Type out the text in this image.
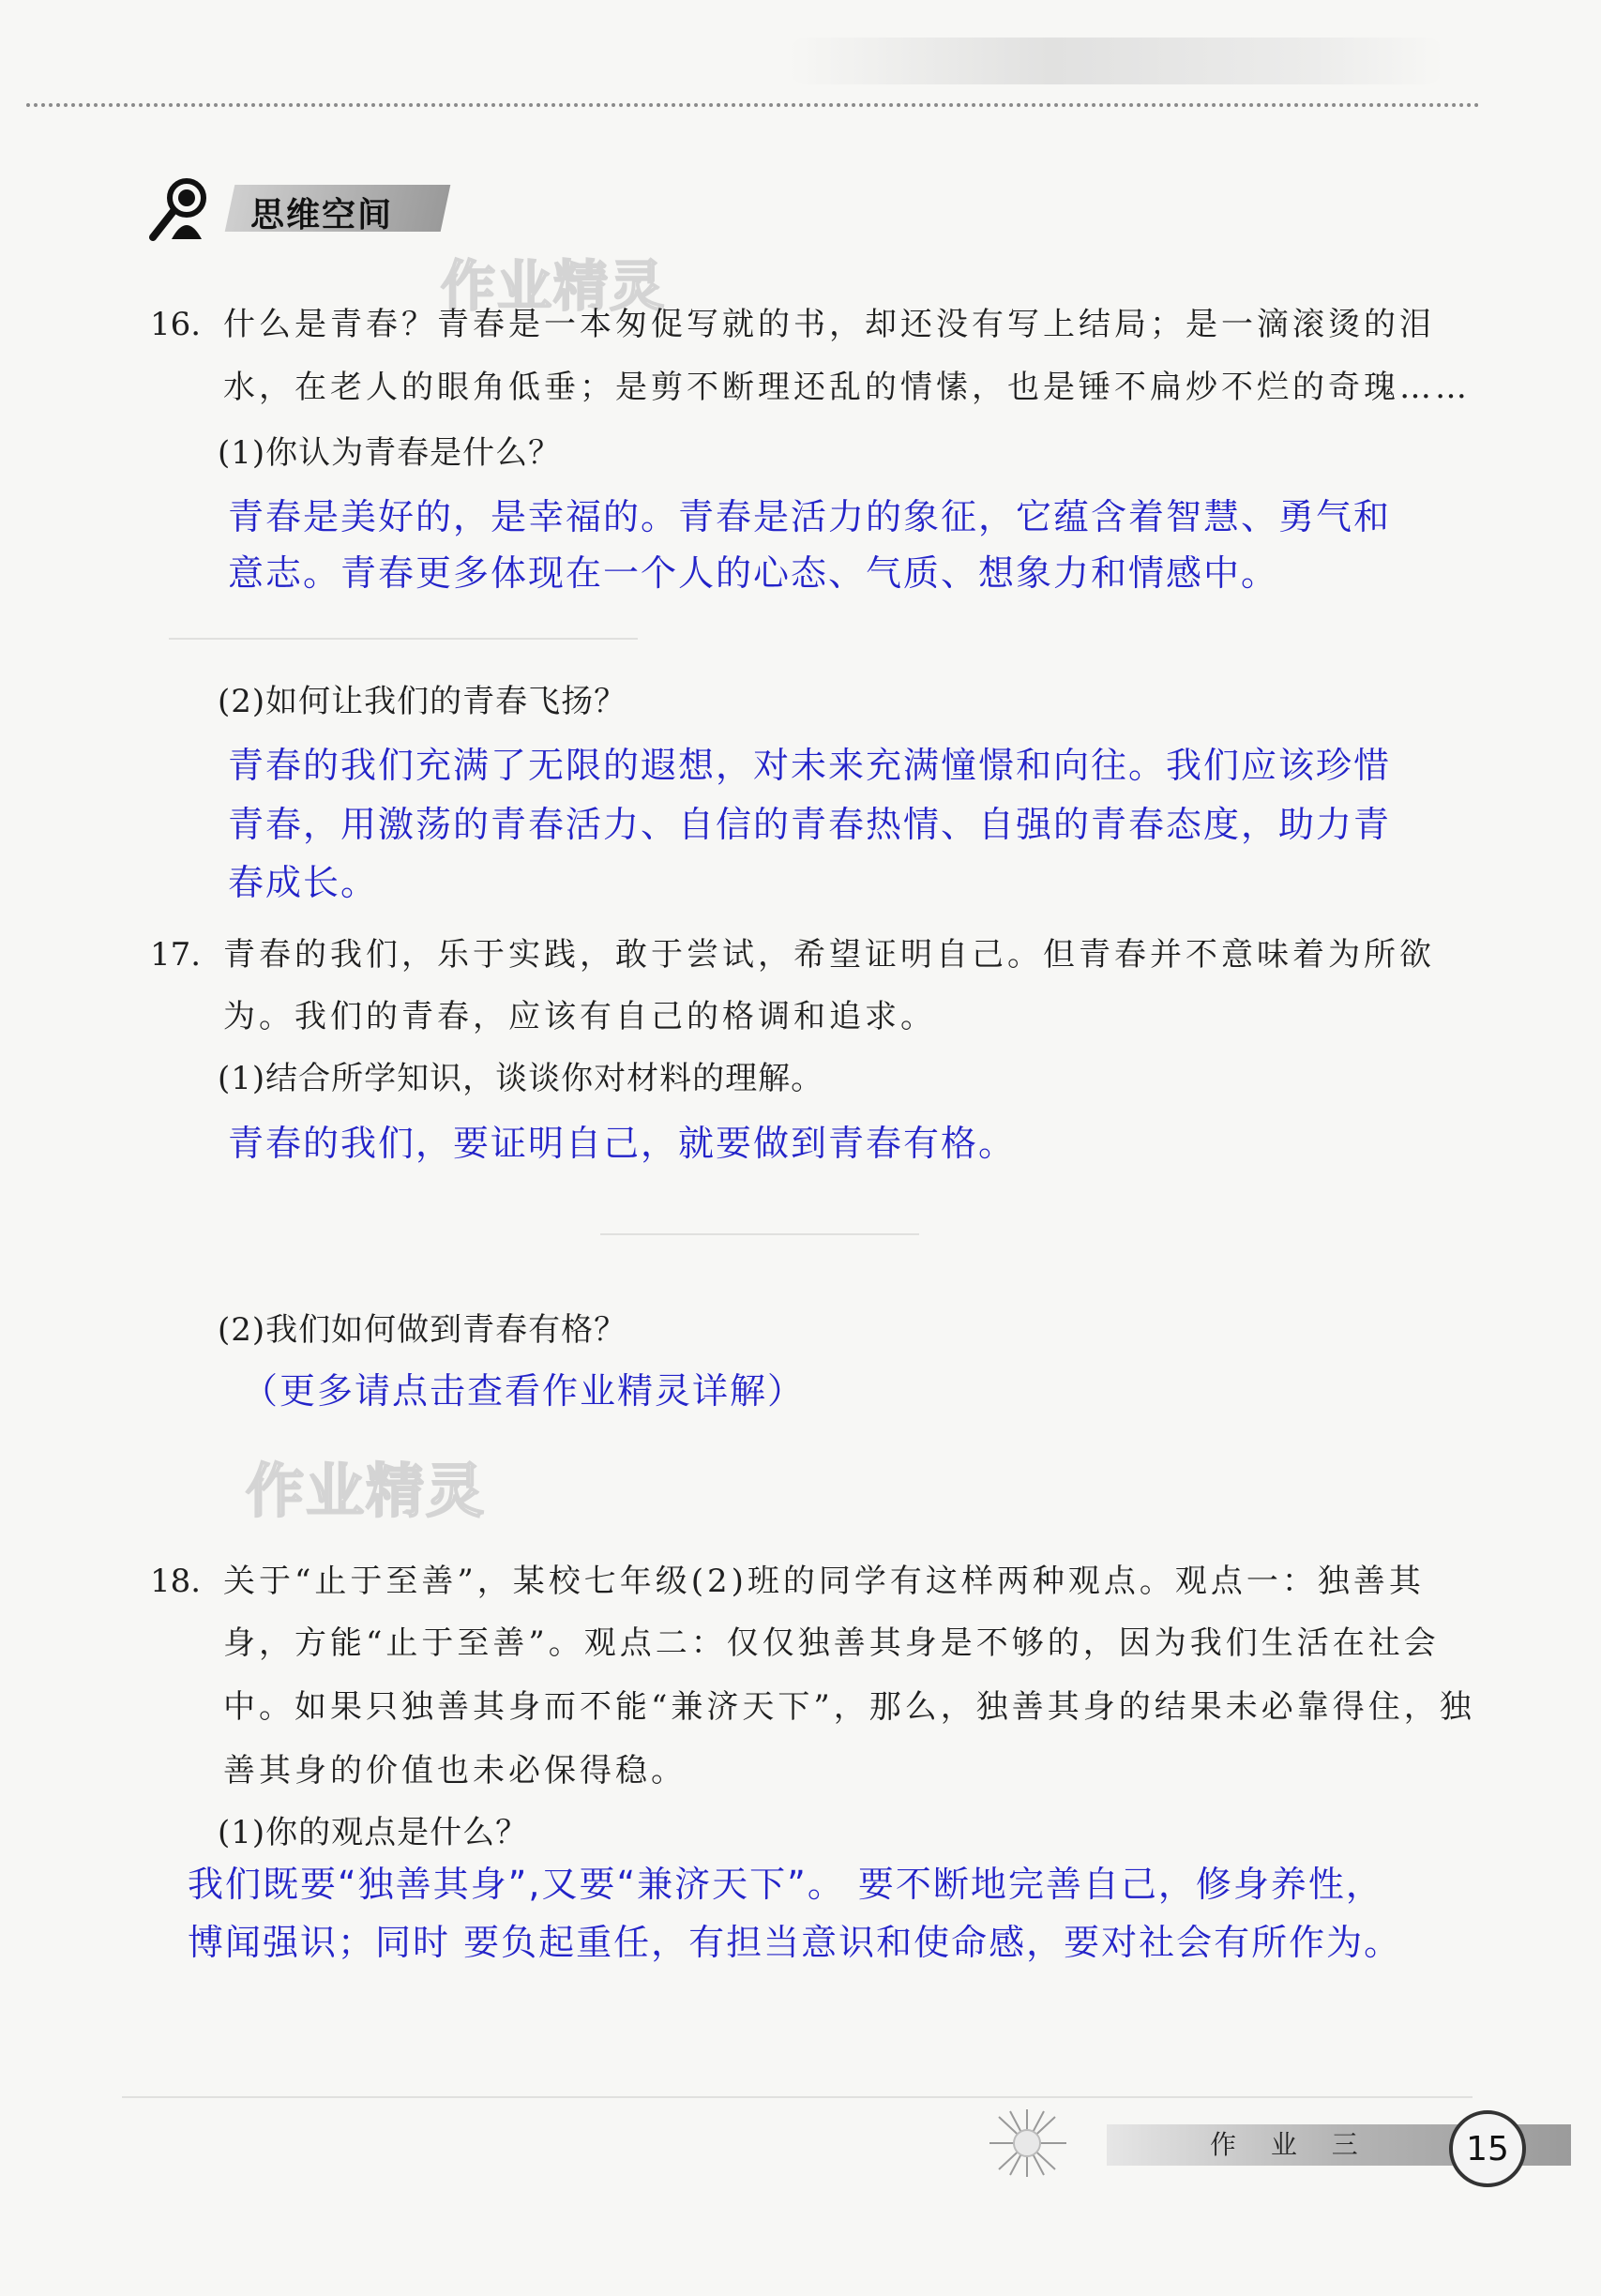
思维空间
作业精灵
作业精灵
16. 什么是青春？青春是一本匆促写就的书，却还没有写上结局；是一滴滚烫的泪
水，在老人的眼角低垂；是剪不断理还乱的情愫，也是锤不扁炒不烂的奇瑰……
(1)你认为青春是什么？
青春是美好的，是幸福的。青春是活力的象征，它蕴含着智慧、勇气和
意志。青春更多体现在一个人的心态、气质、想象力和情感中。
(2)如何让我们的青春飞扬？
青春的我们充满了无限的遐想，对未来充满憧憬和向往。我们应该珍惜
青春，用激荡的青春活力、自信的青春热情、自强的青春态度，助力青
春成长。
17. 青春的我们，乐于实践，敢于尝试，希望证明自己。但青春并不意味着为所欲
为。我们的青春，应该有自己的格调和追求。
(1)结合所学知识，谈谈你对材料的理解。
青春的我们，要证明自己，就要做到青春有格。
(2)我们如何做到青春有格？
（更多请点击查看作业精灵详解）
18. 关于“止于至善”，某校七年级(2)班的同学有这样两种观点。观点一：独善其
身，方能“止于至善”。观点二：仅仅独善其身是不够的，因为我们生活在社会
中。如果只独善其身而不能“兼济天下”，那么，独善其身的结果未必靠得住，独
善其身的价值也未必保得稳。
(1)你的观点是什么？
我们既要“独善其身”,又要“兼济天下”。 要不断地完善自己，修身养性，
博闻强识；同时 要负起重任，有担当意识和使命感，要对社会有所作为。
作 业 三	15
